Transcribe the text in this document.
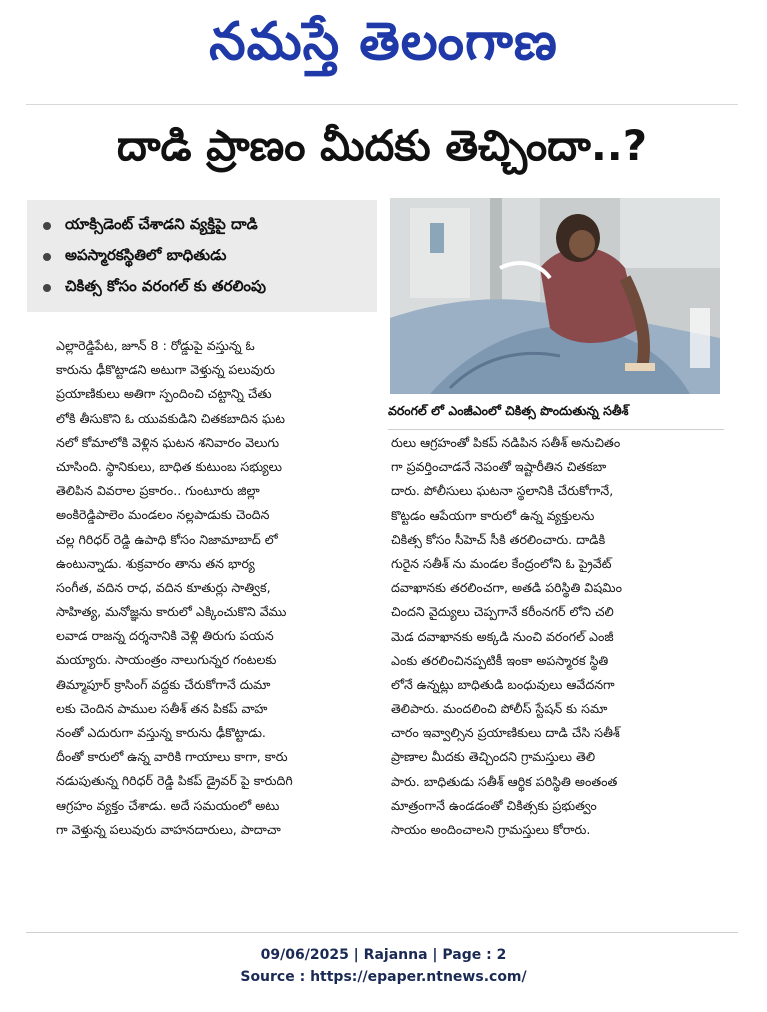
నమస్తే తెలంగాణ
దాడి ప్రాణం మీదకు తెచ్చిందా..?
యాక్సిడెంట్ చేశాడని వ్యక్తిపై దాడి
అపస్మారకస్థితిలో బాధితుడు
చికిత్స కోసం వరంగల్ కు తరలింపు
వరంగల్ లో ఎంజీఎంలో చికిత్స పొందుతున్న సతీశ్
ఎల్లారెడ్డిపేట, జూన్ 8 : రోడ్డుపై వస్తున్న ఓ
కారును ఢీకొట్టాడని అటుగా వెళ్తున్న పలువురు
ప్రయాణికులు అతిగా స్పందించి చట్టాన్ని చేతు
లోకి తీసుకొని ఓ యువకుడిని చితకబాదిన ఘట
నలో కోమాలోకి వెళ్లిన ఘటన శనివారం వెలుగు
చూసింది. స్థానికులు, బాధిత కుటుంబ సభ్యులు
తెలిపిన వివరాల ప్రకారం.. గుంటూరు జిల్లా
అంకిరెడ్డిపాలెం మండలం నల్లపాడుకు చెందిన
చల్ల గిరిధర్ రెడ్డి ఉపాధి కోసం నిజామాబాద్ లో
ఉంటున్నాడు. శుక్రవారం తాను తన భార్య
సంగీత, వదిన రాధ, వదిన కూతుర్లు సాత్విక,
సాహిత్య, మనోజ్ఞను కారులో ఎక్కించుకొని వేము
లవాడ రాజన్న దర్శనానికి వెళ్లి తిరుగు పయన
మయ్యారు. సాయంత్రం నాలుగున్నర గంటలకు
తిమ్మాపూర్ క్రాసింగ్ వద్దకు చేరుకోగానే దుమా
లకు చెందిన పాముల సతీశ్ తన పికప్ వాహ
నంతో ఎదురుగా వస్తున్న కారును ఢీకొట్టాడు.
దీంతో కారులో ఉన్న వారికి గాయాలు కాగా, కారు
నడుపుతున్న గిరిధర్ రెడ్డి పికప్ డ్రైవర్ పై కారుదిగి
ఆగ్రహం వ్యక్తం చేశాడు. అదే సమయంలో అటు
గా వెళ్తున్న పలువురు వాహనదారులు, పాదాచా
రులు ఆగ్రహంతో పికప్ నడిపిన సతీశ్ అనుచితం
గా ప్రవర్తించాడనే నెపంతో ఇష్టారీతిన చితకబా
దారు. పోలీసులు ఘటనా స్థలానికి చేరుకోగానే,
కొట్టడం ఆపేయగా కారులో ఉన్న వ్యక్తులను
చికిత్స కోసం సీహెచ్ సీకి తరలించారు. దాడికి
గురైన సతీశ్ ను మండల కేంద్రంలోని ఓ ప్రైవేట్
దవాఖానకు తరలించగా, అతడి పరిస్థితి విషమిం
చిందని వైద్యులు చెప్పగానే కరీంనగర్ లోని చలి
మెడ దవాఖానకు అక్కడి నుంచి వరంగల్ ఎంజీ
ఎంకు తరలించినప్పటికీ ఇంకా అపస్మారక స్థితి
లోనే ఉన్నట్లు బాధితుడి బంధువులు ఆవేదనగా
తెలిపారు. మందలించి పోలీస్ స్టేషన్ కు సమా
చారం ఇవ్వాల్సిన ప్రయాణికులు దాడి చేసి సతీశ్
ప్రాణాల మీదకు తెచ్చిందని గ్రామస్తులు తెలి
పారు. బాధితుడు సతీశ్ ఆర్థిక పరిస్థితి అంతంత
మాత్రంగానే ఉండడంతో చికిత్సకు ప్రభుత్వం
సాయం అందించాలని గ్రామస్తులు కోరారు.
09/06/2025 | Rajanna | Page : 2
Source : https://epaper.ntnews.com/
